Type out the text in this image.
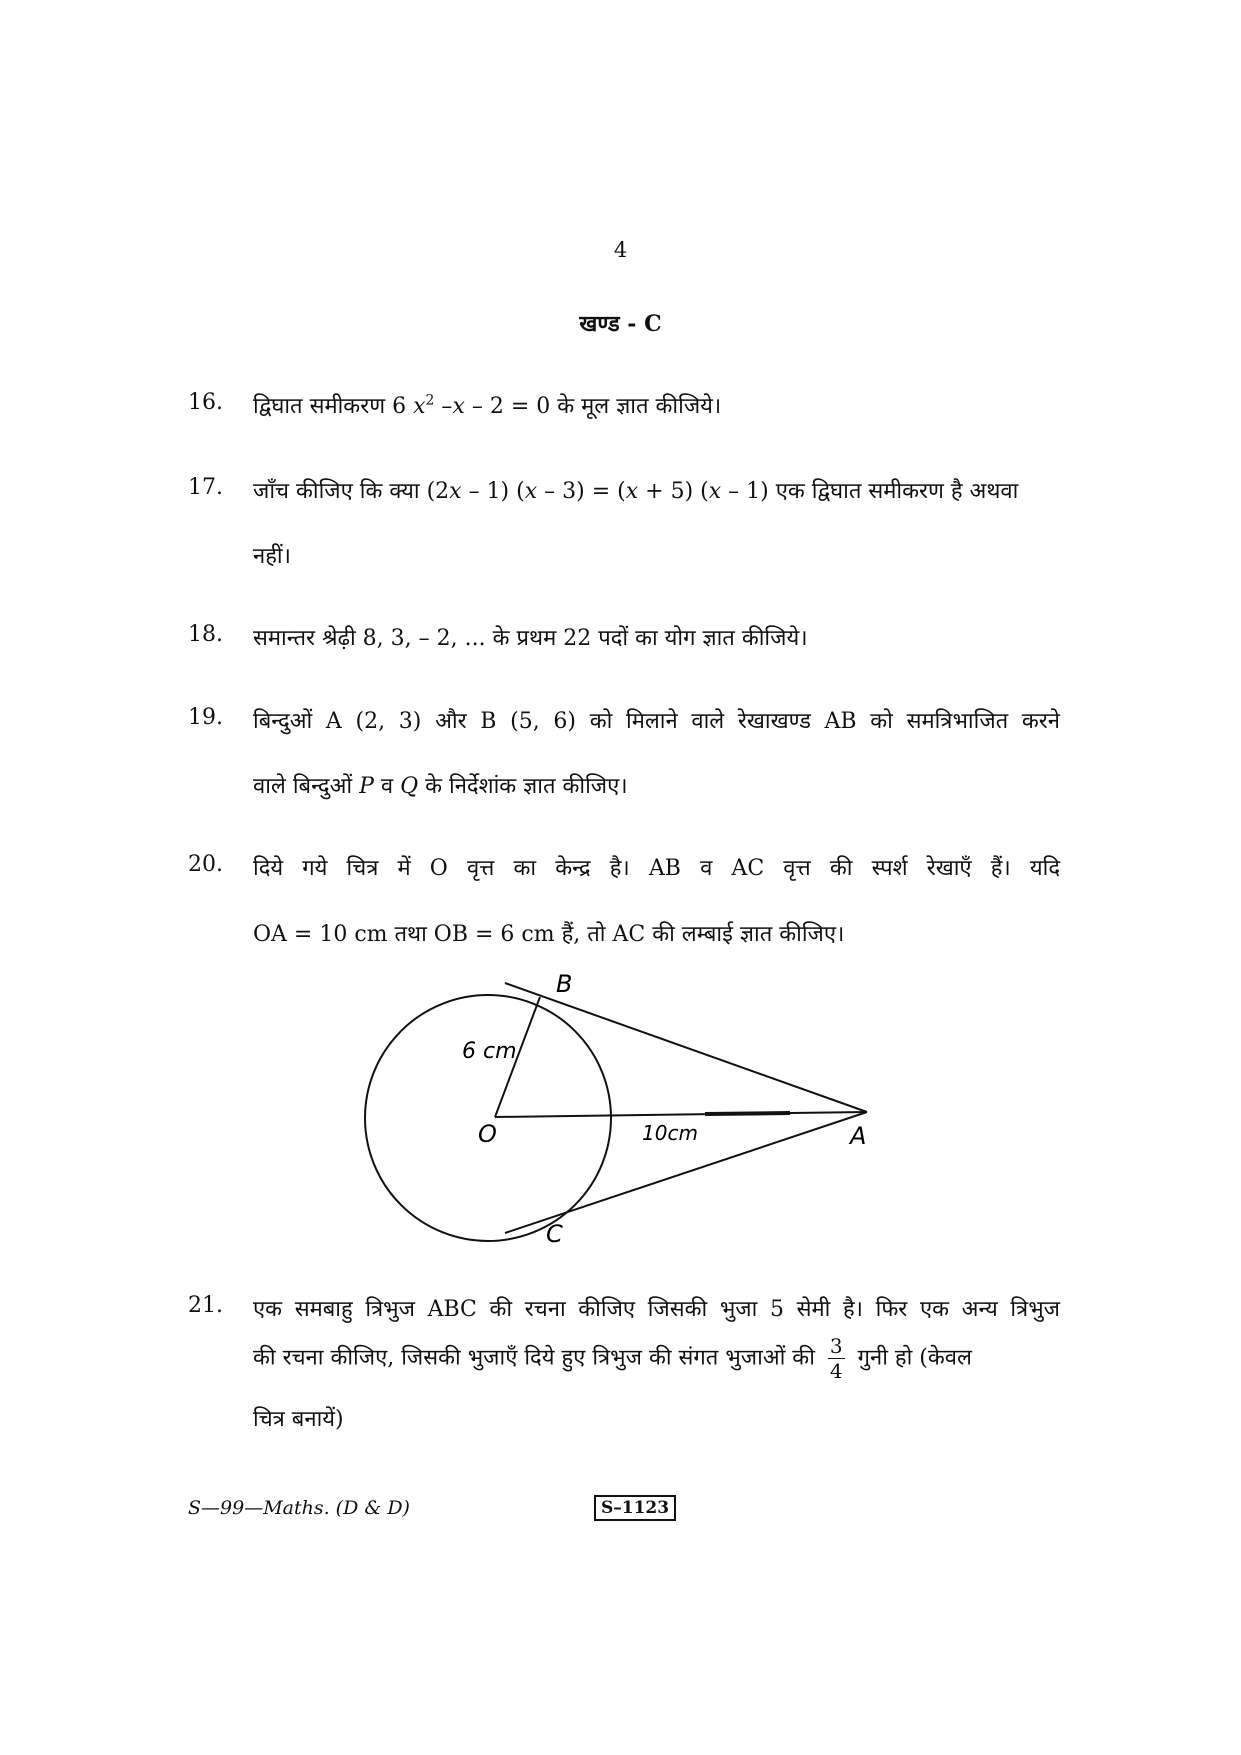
4
खण्ड - C
16. द्विघात समीकरण 6 $x^2$ –x – 2 = 0 के मूल ज्ञात कीजिये।
17. जाँच कीजिए कि क्या (2x – 1) (x – 3) = (x + 5) (x – 1) एक द्विघात समीकरण है अथवा
नहीं।
18. समान्तर श्रेढ़ी 8, 3, – 2, ... के प्रथम 22 पदों का योग ज्ञात कीजिये।
19. बिन्दुओं A (2, 3) और B (5, 6) को मिलाने वाले रेखाखण्ड AB को समत्रिभाजित करने
वाले बिन्दुओं P व Q के निर्देशांक ज्ञात कीजिए।
20. दिये गये चित्र में O वृत्त का केन्द्र है। AB व AC वृत्त की स्पर्श रेखाएँ हैं। यदि
OA = 10 cm तथा OB = 6 cm हैं, तो AC की लम्बाई ज्ञात कीजिए।
B
C
O	A
6 cm
10cm
21. एक समबाहु त्रिभुज ABC की रचना कीजिए जिसकी भुजा 5 सेमी है। फिर एक अन्य त्रिभुज
की रचना कीजिए, जिसकी भुजाएँ दिये हुए त्रिभुज की संगत भुजाओं की $\frac{3}{4}$ गुनी हो (केवल
चित्र बनायें)
S—99—Maths. (D & D)	S–1123
